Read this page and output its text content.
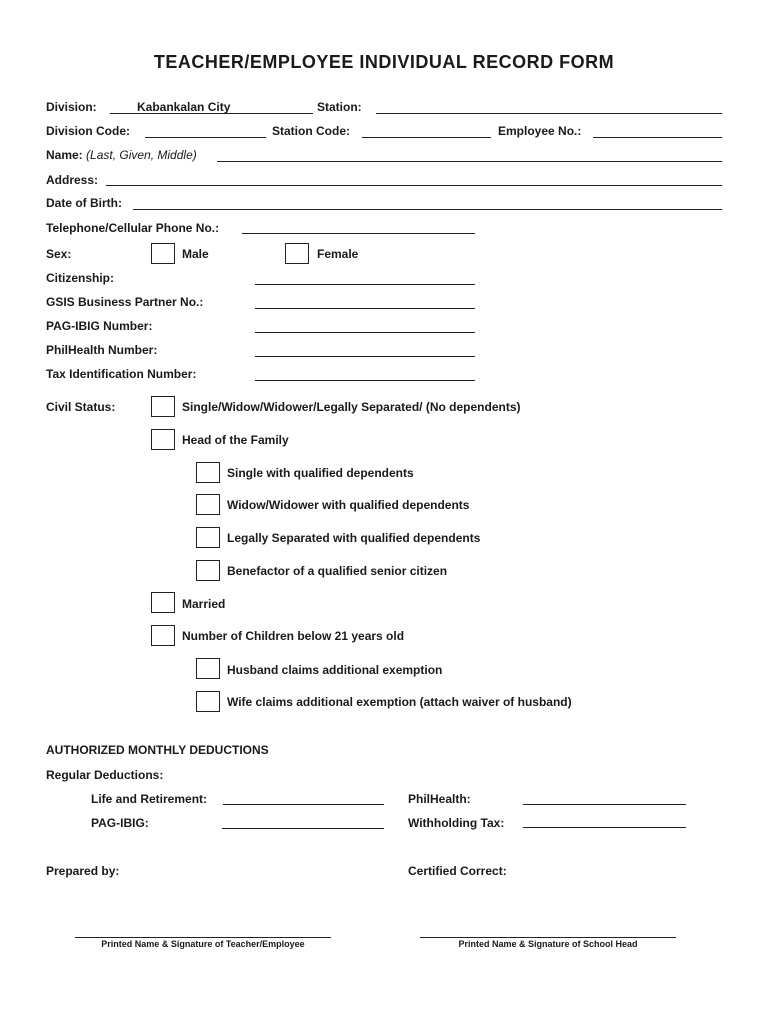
TEACHER/EMPLOYEE INDIVIDUAL RECORD FORM
Division:	Kabankalan City	Station:
Division Code:	Station Code:	Employee No.:
Name: (Last, Given, Middle)
Address:
Date of Birth:
Telephone/Cellular Phone No.:
Sex:	Male	Female
Citizenship:
GSIS Business Partner No.:
PAG-IBIG Number:
PhilHealth Number:
Tax Identification Number:
Civil Status:	Single/Widow/Widower/Legally Separated/ (No dependents)
Head of the Family
Single with qualified dependents
Widow/Widower with qualified dependents
Legally Separated with qualified dependents
Benefactor of a qualified senior citizen
Married
Number of Children below 21 years old
Husband claims additional exemption
Wife claims additional exemption (attach waiver of husband)
AUTHORIZED MONTHLY DEDUCTIONS
Regular Deductions:
Life and Retirement:	PhilHealth:
PAG-IBIG:	Withholding Tax:
Prepared by:	Certified Correct:
Printed Name & Signature of Teacher/Employee	Printed Name & Signature of School Head
